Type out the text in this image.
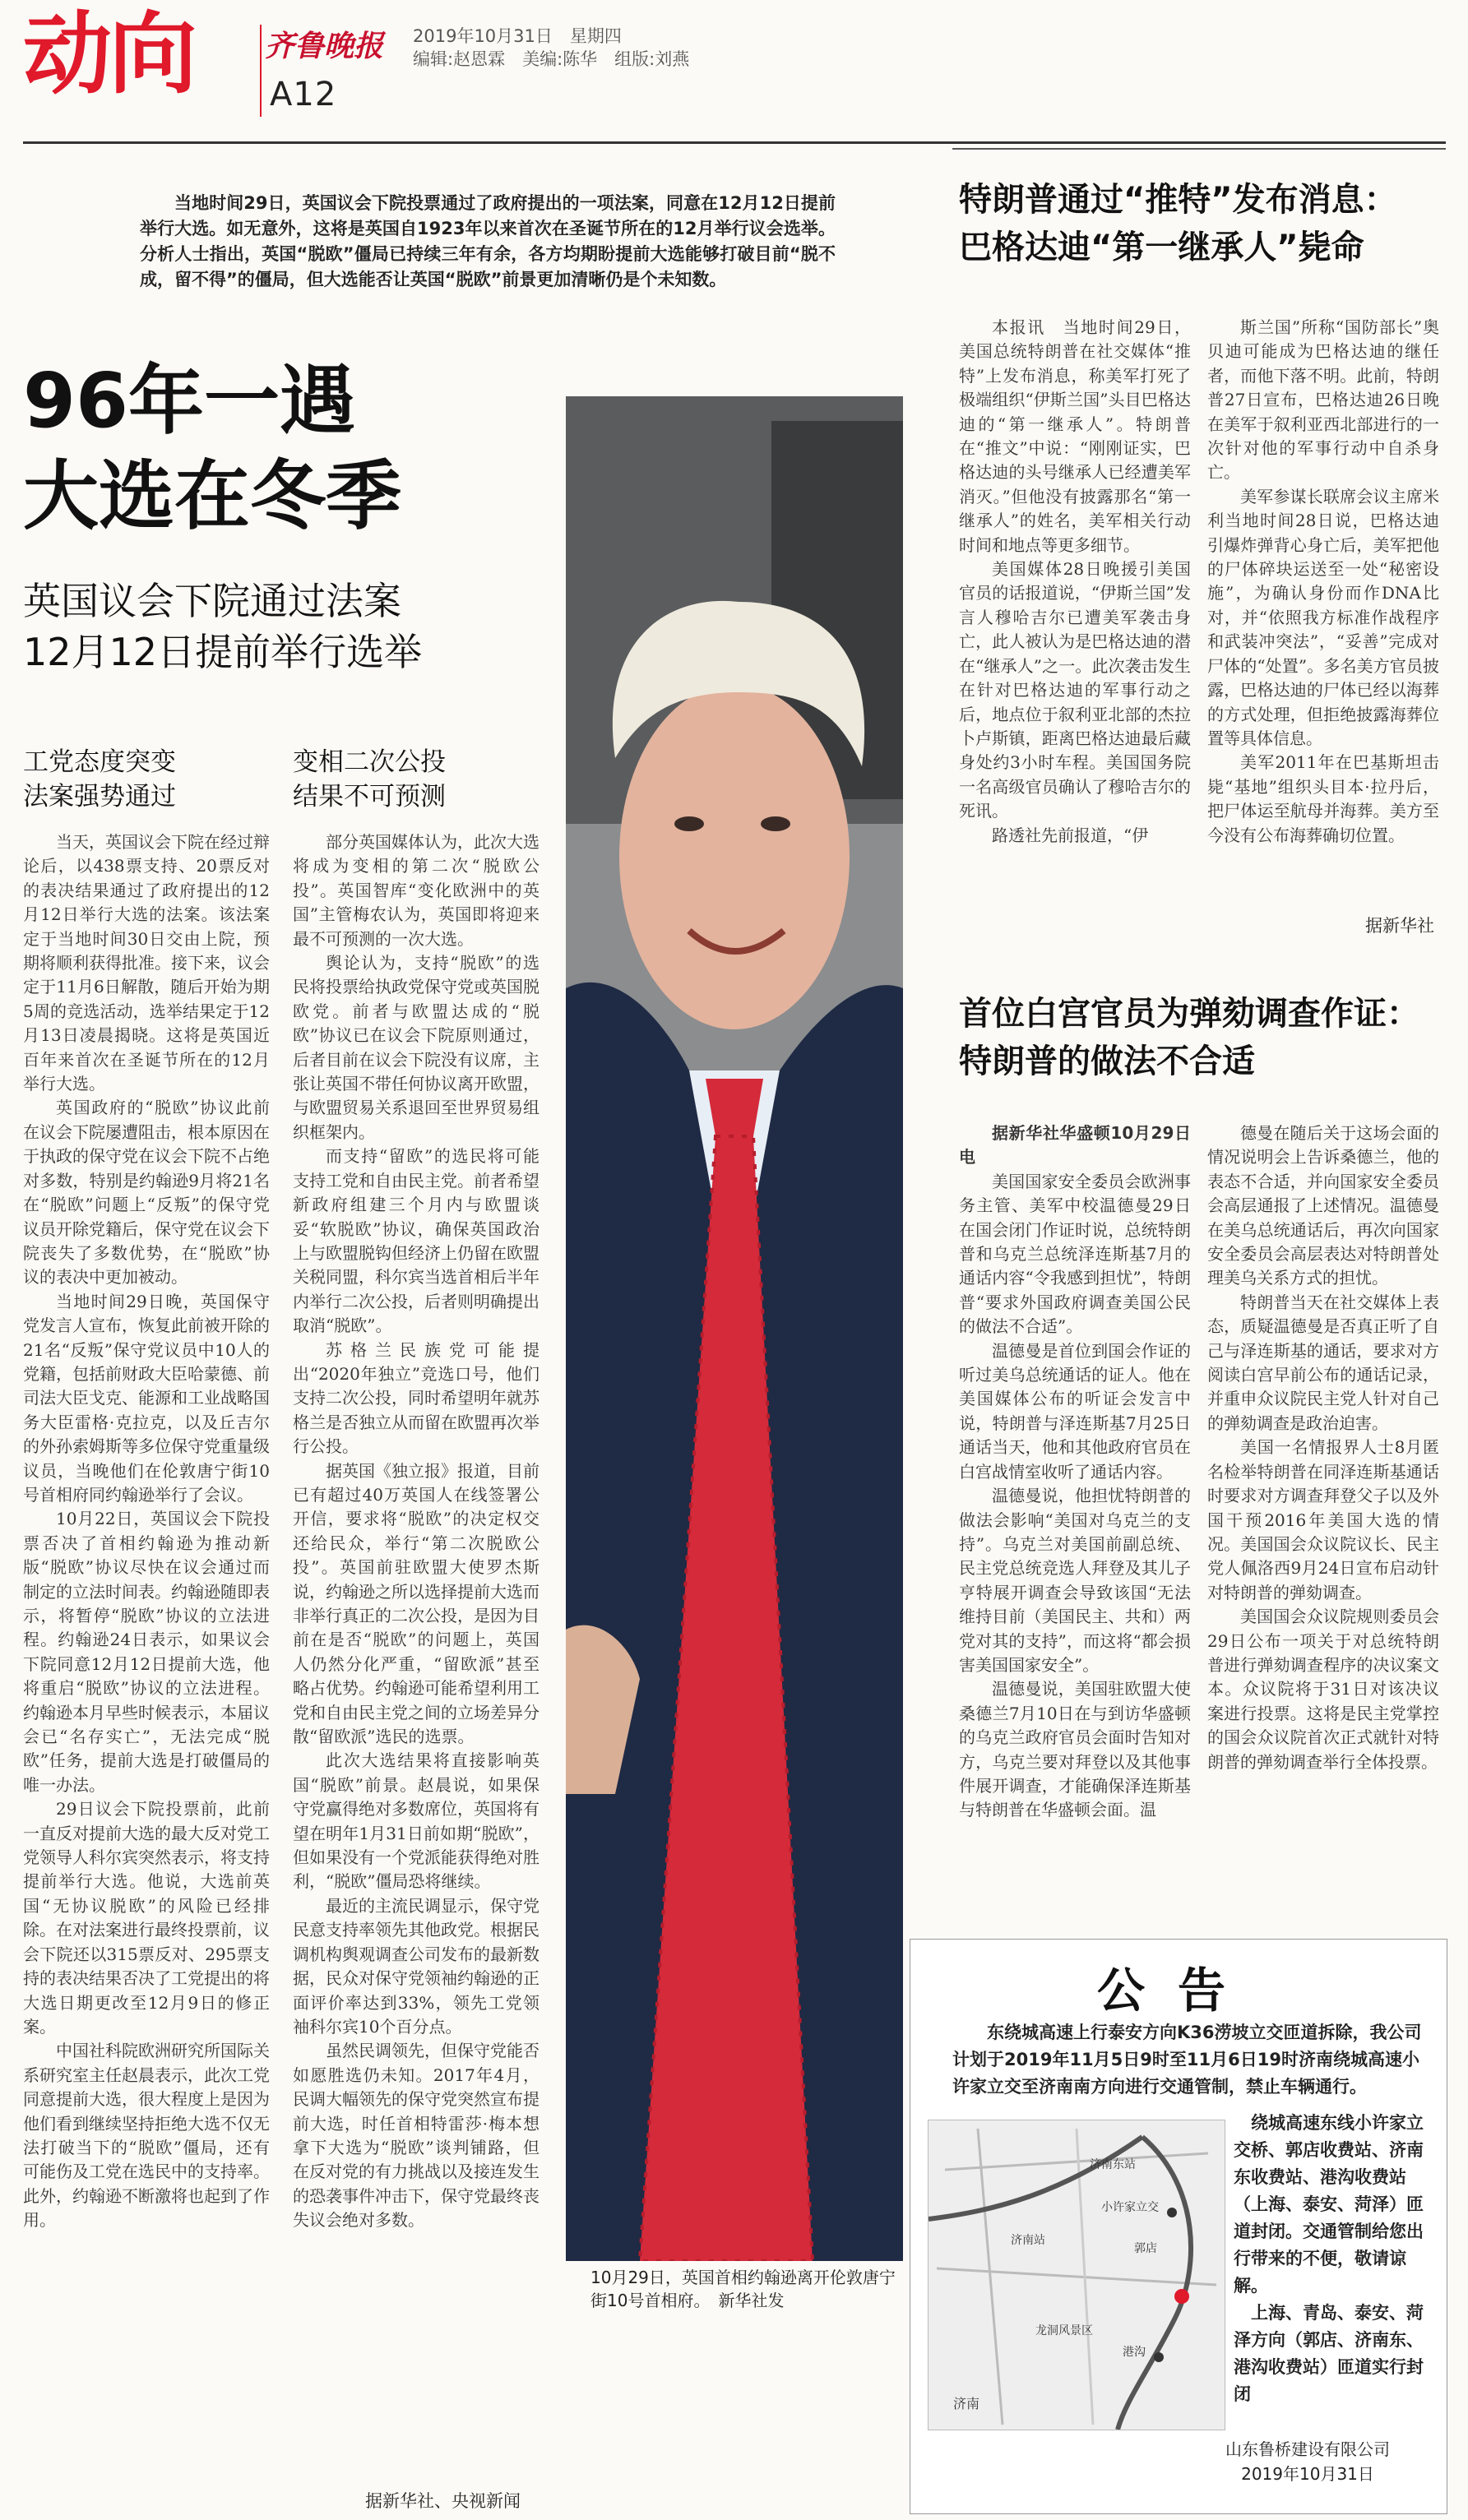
动向 齐鲁晚报 2019年10月31日　星期四
编辑:赵恩霖　美编:陈华　组版:刘燕
A12
当地时间29日，英国议会下院投票通过了政府提出的一项法案，同意在12月12日提前举行大选。如无意外，这将是英国自1923年以来首次在圣诞节所在的12月举行议会选举。分析人士指出，英国“脱欧”僵局已持续三年有余，各方均期盼提前大选能够打破目前“脱不成，留不得”的僵局，但大选能否让英国“脱欧”前景更加清晰仍是个未知数。
96年一遇
大选在冬季
英国议会下院通过法案
12月12日提前举行选举
工党态度突变
法案强势通过

当天，英国议会下院在经过辩论后，以438票支持、20票反对的表决结果通过了政府提出的12月12日举行大选的法案。该法案定于当地时间30日交由上院，预期将顺利获得批准。接下来，议会定于11月6日解散，随后开始为期5周的竞选活动，选举结果定于12月13日凌晨揭晓。这将是英国近百年来首次在圣诞节所在的12月举行大选。

英国政府的“脱欧”协议此前在议会下院屡遭阻击，根本原因在于执政的保守党在议会下院不占绝对多数，特别是约翰逊9月将21名在“脱欧”问题上“反叛”的保守党议员开除党籍后，保守党在议会下院丧失了多数优势，在“脱欧”协议的表决中更加被动。

当地时间29日晚，英国保守党发言人宣布，恢复此前被开除的21名“反叛”保守党议员中10人的党籍，包括前财政大臣哈蒙德、前司法大臣戈克、能源和工业战略国务大臣雷格·克拉克，以及丘吉尔的外孙索姆斯等多位保守党重量级议员，当晚他们在伦敦唐宁街10号首相府同约翰逊举行了会议。

10月22日，英国议会下院投票否决了首相约翰逊为推动新版“脱欧”协议尽快在议会通过而制定的立法时间表。约翰逊随即表示，将暂停“脱欧”协议的立法进程。约翰逊24日表示，如果议会下院同意12月12日提前大选，他将重启“脱欧”协议的立法进程。约翰逊本月早些时候表示，本届议会已“名存实亡”，无法完成“脱欧”任务，提前大选是打破僵局的唯一办法。

29日议会下院投票前，此前一直反对提前大选的最大反对党工党领导人科尔宾突然表示，将支持提前举行大选。他说，大选前英国“无协议脱欧”的风险已经排除。在对法案进行最终投票前，议会下院还以315票反对、295票支持的表决结果否决了工党提出的将大选日期更改至12月9日的修正案。

中国社科院欧洲研究所国际关系研究室主任赵晨表示，此次工党同意提前大选，很大程度上是因为他们看到继续坚持拒绝大选不仅无法打破当下的“脱欧”僵局，还有可能伤及工党在选民中的支持率。此外，约翰逊不断激将也起到了作用。

变相二次公投
结果不可预测

部分英国媒体认为，此次大选将成为变相的第二次“脱欧公投”。英国智库“变化欧洲中的英国”主管梅农认为，英国即将迎来最不可预测的一次大选。

舆论认为，支持“脱欧”的选民将投票给执政党保守党或英国脱欧党。前者与欧盟达成的“脱欧”协议已在议会下院原则通过，后者目前在议会下院没有议席，主张让英国不带任何协议离开欧盟，与欧盟贸易关系退回至世界贸易组织框架内。

而支持“留欧”的选民将可能支持工党和自由民主党。前者希望新政府组建三个月内与欧盟谈妥“软脱欧”协议，确保英国政治上与欧盟脱钩但经济上仍留在欧盟关税同盟，科尔宾当选首相后半年内举行二次公投，后者则明确提出取消“脱欧”。

苏格兰民族党可能提出“2020年独立”竞选口号，他们支持二次公投，同时希望明年就苏格兰是否独立从而留在欧盟再次举行公投。

据英国《独立报》报道，目前已有超过40万英国人在线签署公开信，要求将“脱欧”的决定权交还给民众，举行“第二次脱欧公投”。英国前驻欧盟大使罗杰斯说，约翰逊之所以选择提前大选而非举行真正的二次公投，是因为目前在是否“脱欧”的问题上，英国人仍然分化严重，“留欧派”甚至略占优势。约翰逊可能希望利用工党和自由民主党之间的立场差异分散“留欧派”选民的选票。

此次大选结果将直接影响英国“脱欧”前景。赵晨说，如果保守党赢得绝对多数席位，英国将有望在明年1月31日前如期“脱欧”，但如果没有一个党派能获得绝对胜利，“脱欧”僵局恐将继续。

最近的主流民调显示，保守党民意支持率领先其他政党。根据民调机构舆观调查公司发布的最新数据，民众对保守党领袖约翰逊的正面评价率达到33%，领先工党领袖科尔宾10个百分点。

虽然民调领先，但保守党能否如愿胜选仍未知。2017年4月，民调大幅领先的保守党突然宣布提前大选，时任首相特雷莎·梅本想拿下大选为“脱欧”谈判铺路，但在反对党的有力挑战以及接连发生的恐袭事件冲击下，保守党最终丧失议会绝对多数。

据新华社、央视新闻
10月29日，英国首相约翰逊离开伦敦唐宁街10号首相府。　新华社发
特朗普通过“推特”发布消息：
巴格达迪“第一继承人”毙命

本报讯　当地时间29日，美国总统特朗普在社交媒体“推特”上发布消息，称美军打死了极端组织“伊斯兰国”头目巴格达迪的“第一继承人”。特朗普在“推文”中说：“刚刚证实，巴格达迪的头号继承人已经遭美军消灭。”但他没有披露那名“第一继承人”的姓名，美军相关行动时间和地点等更多细节。

美国媒体28日晚援引美国官员的话报道说，“伊斯兰国”发言人穆哈吉尔已遭美军袭击身亡，此人被认为是巴格达迪的潜在“继承人”之一。此次袭击发生在针对巴格达迪的军事行动之后，地点位于叙利亚北部的杰拉卜卢斯镇，距离巴格达迪最后藏身处约3小时车程。美国国务院一名高级官员确认了穆哈吉尔的死讯。

路透社先前报道，“伊

斯兰国”所称“国防部长”奥贝迪可能成为巴格达迪的继任者，而他下落不明。此前，特朗普27日宣布，巴格达迪26日晚在美军于叙利亚西北部进行的一次针对他的军事行动中自杀身亡。

美军参谋长联席会议主席米利当地时间28日说，巴格达迪引爆炸弹背心身亡后，美军把他的尸体碎块运送至一处“秘密设施”，为确认身份而作DNA比对，并“依照我方标准作战程序和武装冲突法”，“妥善”完成对尸体的“处置”。多名美方官员披露，巴格达迪的尸体已经以海葬的方式处理，但拒绝披露海葬位置等具体信息。

美军2011年在巴基斯坦击毙“基地”组织头目本·拉丹后，把尸体运至航母并海葬。美方至今没有公布海葬确切位置。

据新华社
首位白宫官员为弹劾调查作证：
特朗普的做法不合适

据新华社华盛顿10月29日电

美国国家安全委员会欧洲事务主管、美军中校温德曼29日在国会闭门作证时说，总统特朗普和乌克兰总统泽连斯基7月的通话内容“令我感到担忧”，特朗普“要求外国政府调查美国公民的做法不合适”。

温德曼是首位到国会作证的听过美乌总统通话的证人。他在美国媒体公布的听证会发言中说，特朗普与泽连斯基7月25日通话当天，他和其他政府官员在白宫战情室收听了通话内容。

温德曼说，他担忧特朗普的做法会影响“美国对乌克兰的支持”。乌克兰对美国前副总统、民主党总统竞选人拜登及其儿子亨特展开调查会导致该国“无法维持目前（美国民主、共和）两党对其的支持”，而这将“都会损害美国国家安全”。

温德曼说，美国驻欧盟大使桑德兰7月10日在与到访华盛顿的乌克兰政府官员会面时告知对方，乌克兰要对拜登以及其他事件展开调查，才能确保泽连斯基与特朗普在华盛顿会面。温

德曼在随后关于这场会面的情况说明会上告诉桑德兰，他的表态不合适，并向国家安全委员会高层通报了上述情况。温德曼在美乌总统通话后，再次向国家安全委员会高层表达对特朗普处理美乌关系方式的担忧。

特朗普当天在社交媒体上表态，质疑温德曼是否真正听了自己与泽连斯基的通话，要求对方阅读白宫早前公布的通话记录，并重申众议院民主党人针对自己的弹劾调查是政治迫害。

美国一名情报界人士8月匿名检举特朗普在同泽连斯基通话时要求对方调查拜登父子以及外国干预2016年美国大选的情况。美国国会众议院议长、民主党人佩洛西9月24日宣布启动针对特朗普的弹劾调查。

美国国会众议院规则委员会29日公布一项关于对总统特朗普进行弹劾调查程序的决议案文本。众议院将于31日对该决议案进行投票。这将是民主党掌控的国会众议院首次正式就针对特朗普的弹劾调查举行全体投票。

公告
东绕城高速上行泰安方向K36涝坡立交匝道拆除，我公司计划于2019年11月5日9时至11月6日19时济南绕城高速小许家立交至济南南方向进行交通管制，禁止车辆通行。
济南东站
小许家立交
郭店
港沟
济南站
龙洞风景区
济南

绕城高速东线小许家立交桥、郭店收费站、济南东收费站、港沟收费站（上海、泰安、菏泽）匝道封闭。交通管制给您出行带来的不便，敬请谅解。

上海、青岛、泰安、菏泽方向（郭店、济南东、港沟收费站）匝道实行封闭

山东鲁桥建设有限公司
2019年10月31日
